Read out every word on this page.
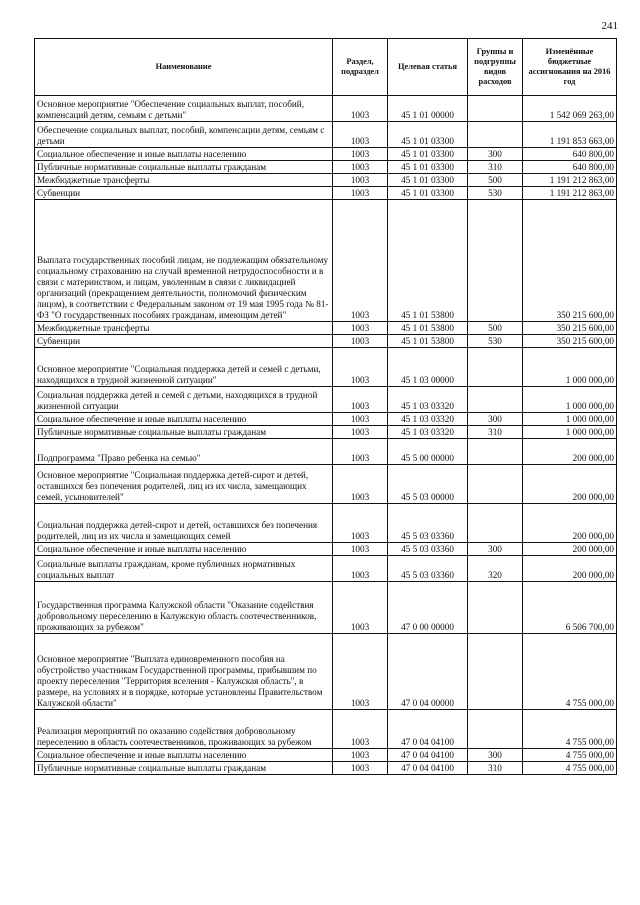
241
Наименование	Раздел, подраздел	Целевая статья	Группы и подгруппы видов расходов	Изменённые бюджетные ассигнования на 2016 год
Основное мероприятие "Обеспечение социальных выплат, пособий, компенсаций детям, семьям с детьми"	1003	45 1 01 00000		1 542 069 263,00
Обеспечение социальных выплат, пособий, компенсации детям, семьям с детьми	1003	45 1 01 03300		1 191 853 663,00
Социальное обеспечение и иные выплаты населению	1003	45 1 01 03300	300	640 800,00
Публичные нормативные социальные выплаты гражданам	1003	45 1 01 03300	310	640 800,00
Межбюджетные трансферты	1003	45 1 01 03300	500	1 191 212 863,00
Субвенции	1003	45 1 01 03300	530	1 191 212 863,00
Выплата государственных пособий лицам, не подлежащим обязательному социальному страхованию на случай временной нетрудоспособности и в связи с материнством, и лицам, уволенным в связи с ликвидацией организаций (прекращением деятельности, полномочий физическим лицом), в соответствии с Федеральным законом от 19 мая 1995 года № 81-ФЗ "О государственных пособиях гражданам, имеющим детей"	1003	45 1 01 53800		350 215 600,00
Межбюджетные трансферты	1003	45 1 01 53800	500	350 215 600,00
Субвенции	1003	45 1 01 53800	530	350 215 600,00
Основное мероприятие "Социальная поддержка детей и семей с детьми, находящихся в трудной жизненной ситуации"	1003	45 1 03 00000		1 000 000,00
Социальная поддержка детей и семей с детьми, находящихся в трудной жизненной ситуации	1003	45 1 03 03320		1 000 000,00
Социальное обеспечение и иные выплаты населению	1003	45 1 03 03320	300	1 000 000,00
Публичные нормативные социальные выплаты гражданам	1003	45 1 03 03320	310	1 000 000,00
Подпрограмма "Право ребенка на семью"	1003	45 5 00 00000		200 000,00
Основное мероприятие "Социальная поддержка детей-сирот и детей, оставшихся без попечения родителей, лиц из их числа, замещающих семей, усыновителей"	1003	45 5 03 00000		200 000,00
Социальная поддержка детей-сирот и детей, оставшихся без попечения родителей, лиц из их числа и замещающих семей	1003	45 5 03 03360		200 000,00
Социальное обеспечение и иные выплаты населению	1003	45 5 03 03360	300	200 000,00
Социальные выплаты гражданам, кроме публичных нормативных социальных выплат	1003	45 5 03 03360	320	200 000,00
Государственная программа Калужской области "Оказание содействия добровольному переселению в Калужскую область соотечественников, проживающих за рубежом"	1003	47 0 00 00000		6 506 700,00
Основное мероприятие "Выплата единовременного пособия на обустройство участникам Государственной программы, прибывшим по проекту переселения "Территория вселения - Калужская область", в размере, на условиях и в порядке, которые установлены Правительством Калужской области"	1003	47 0 04 00000		4 755 000,00
Реализация мероприятий по оказанию содействия добровольному переселению в область соотечественников, проживающих за рубежом	1003	47 0 04 04100		4 755 000,00
Социальное обеспечение и иные выплаты населению	1003	47 0 04 04100	300	4 755 000,00
Публичные нормативные социальные выплаты гражданам	1003	47 0 04 04100	310	4 755 000,00
